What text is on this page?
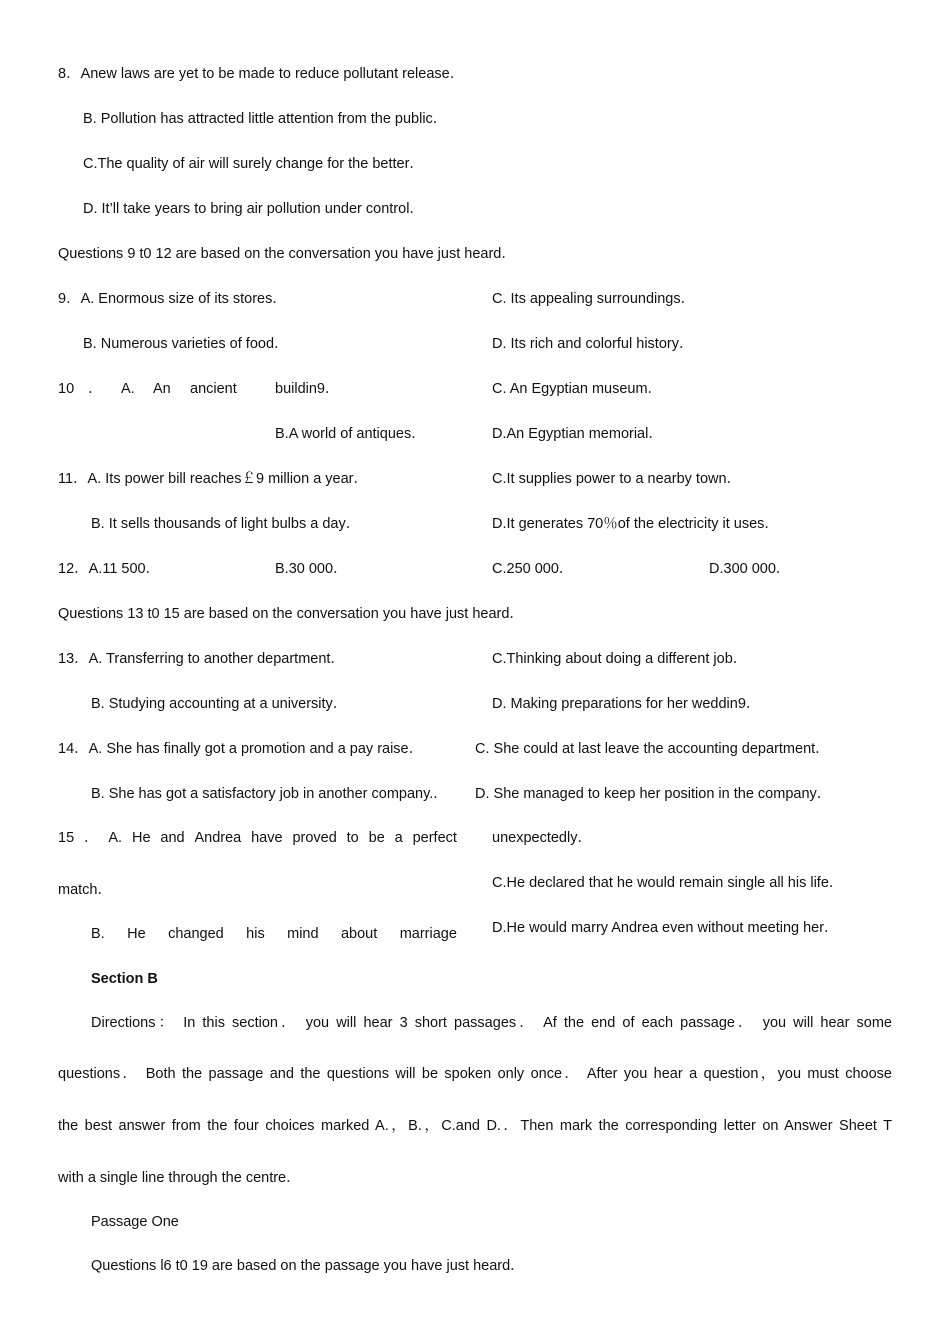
8．Anew laws are yet to be made to reduce pollutant release．
B. Pollution has attracted little attention from the public．
C.The quality of air will surely change for the better．
D. It’ll take years to bring air pollution under control．
Questions 9 t0 12 are based on the conversation you have just heard．
9．A. Enormous size of its stores．	C. Its appealing surroundings．
B. Numerous varieties of food．	D. Its rich and colorful history．
10 ． A. An ancient	buildin9．	C. An Egyptian museum．
B.A world of antiques．	D.An Egyptian memorial．
11．A. Its power bill reaches￡9 million a year．	C.It supplies power to a nearby town．
B. It sells thousands of light bulbs a day．	D.It generates 70％of the electricity it uses．
12．A.11 500．	B.30 000．	C.250 000．	D.300 000．
Questions 13 t0 15 are based on the conversation you have just heard．
13．A. Transferring to another department．	C.Thinking about doing a different job．
B. Studying accounting at a university．	D. Making preparations for her weddin9．
14．A. She has finally got a promotion and a pay raise．	C. She could at last leave the accounting department．
B. She has got a satisfactory job in another company.． D. She managed to keep her position in the company．
15 ． A. He and Andrea have proved to be a perfect
match．
B. He changed his mind about marriage
unexpectedly．
C.He declared that he would remain single all his life．
D.He would marry Andrea even without meeting her．
Section B
Directions： In this section． you will hear 3 short passages． Af the end of each passage． you will hear some
questions． Both the passage and the questions will be spoken only once． After you hear a question，you must choose
the best answer from the four choices marked A.，B.，C.and D.．Then mark the corresponding letter on Answer Sheet T
with a single line through the centre．
Passage One
Questions l6 t0 19 are based on the passage you have just heard．
